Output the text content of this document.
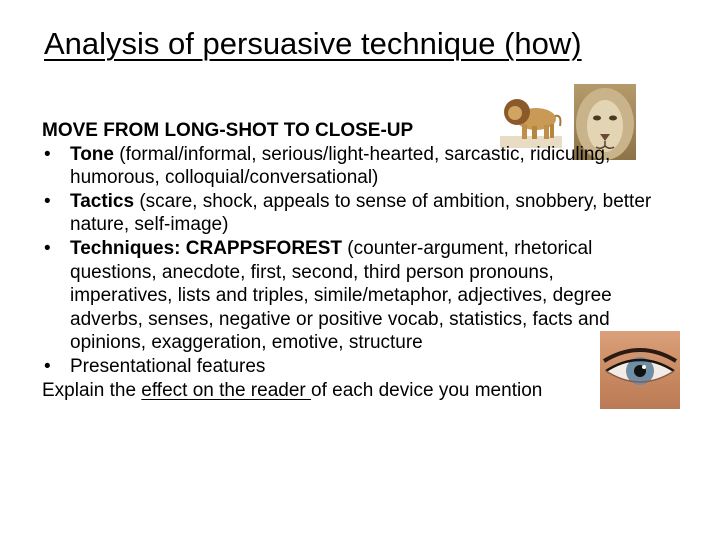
Analysis of persuasive technique (how)
MOVE FROM LONG-SHOT TO CLOSE-UP
• Tone (formal/informal, serious/light-hearted, sarcastic, ridiculing, humorous, colloquial/conversational)
• Tactics (scare, shock, appeals to sense of ambition, snobbery, better nature, self-image)
• Techniques: CRAPPSFOREST (counter-argument, rhetorical questions, anecdote, first, second, third person pronouns, imperatives, lists and triples, simile/metaphor, adjectives, degree adverbs, senses, negative or positive vocab, statistics, facts and opinions, exaggeration, emotive, structure
• Presentational features
Explain the effect on the reader of each device you mention
